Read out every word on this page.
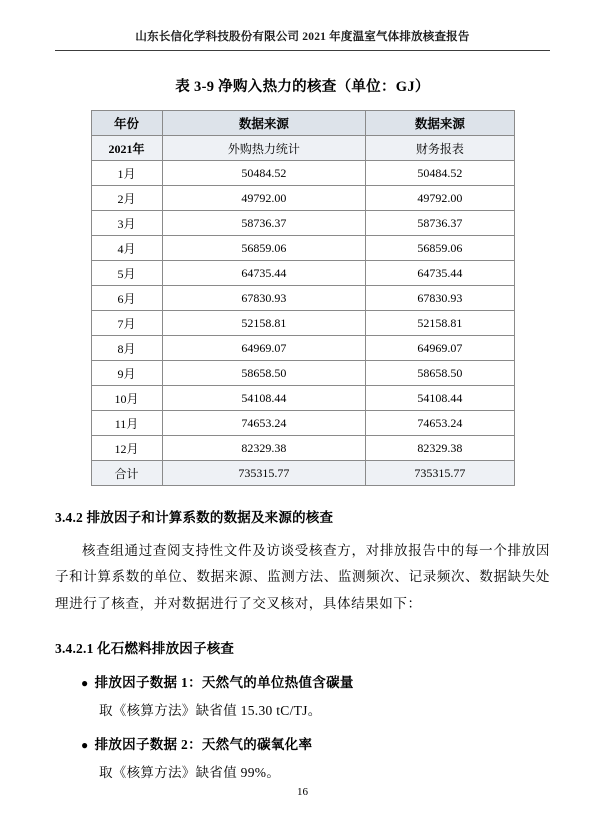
山东长信化学科技股份有限公司 2021 年度温室气体排放核查报告
表 3-9 净购入热力的核查（单位：GJ）
年份	数据来源	数据来源
2021年	外购热力统计	财务报表
1月	50484.52	50484.52
2月	49792.00	49792.00
3月	58736.37	58736.37
4月	56859.06	56859.06
5月	64735.44	64735.44
6月	67830.93	67830.93
7月	52158.81	52158.81
8月	64969.07	64969.07
9月	58658.50	58658.50
10月	54108.44	54108.44
11月	74653.24	74653.24
12月	82329.38	82329.38
合计	735315.77	735315.77
3.4.2 排放因子和计算系数的数据及来源的核查
核查组通过查阅支持性文件及访谈受核查方，对排放报告中的每一个排放因子和计算系数的单位、数据来源、监测方法、监测频次、记录频次、数据缺失处理进行了核查，并对数据进行了交叉核对，具体结果如下：
3.4.2.1 化石燃料排放因子核查
● 排放因子数据 1：天然气的单位热值含碳量
取《核算方法》缺省值 15.30 tC/TJ。
● 排放因子数据 2：天然气的碳氧化率
取《核算方法》缺省值 99%。
16
